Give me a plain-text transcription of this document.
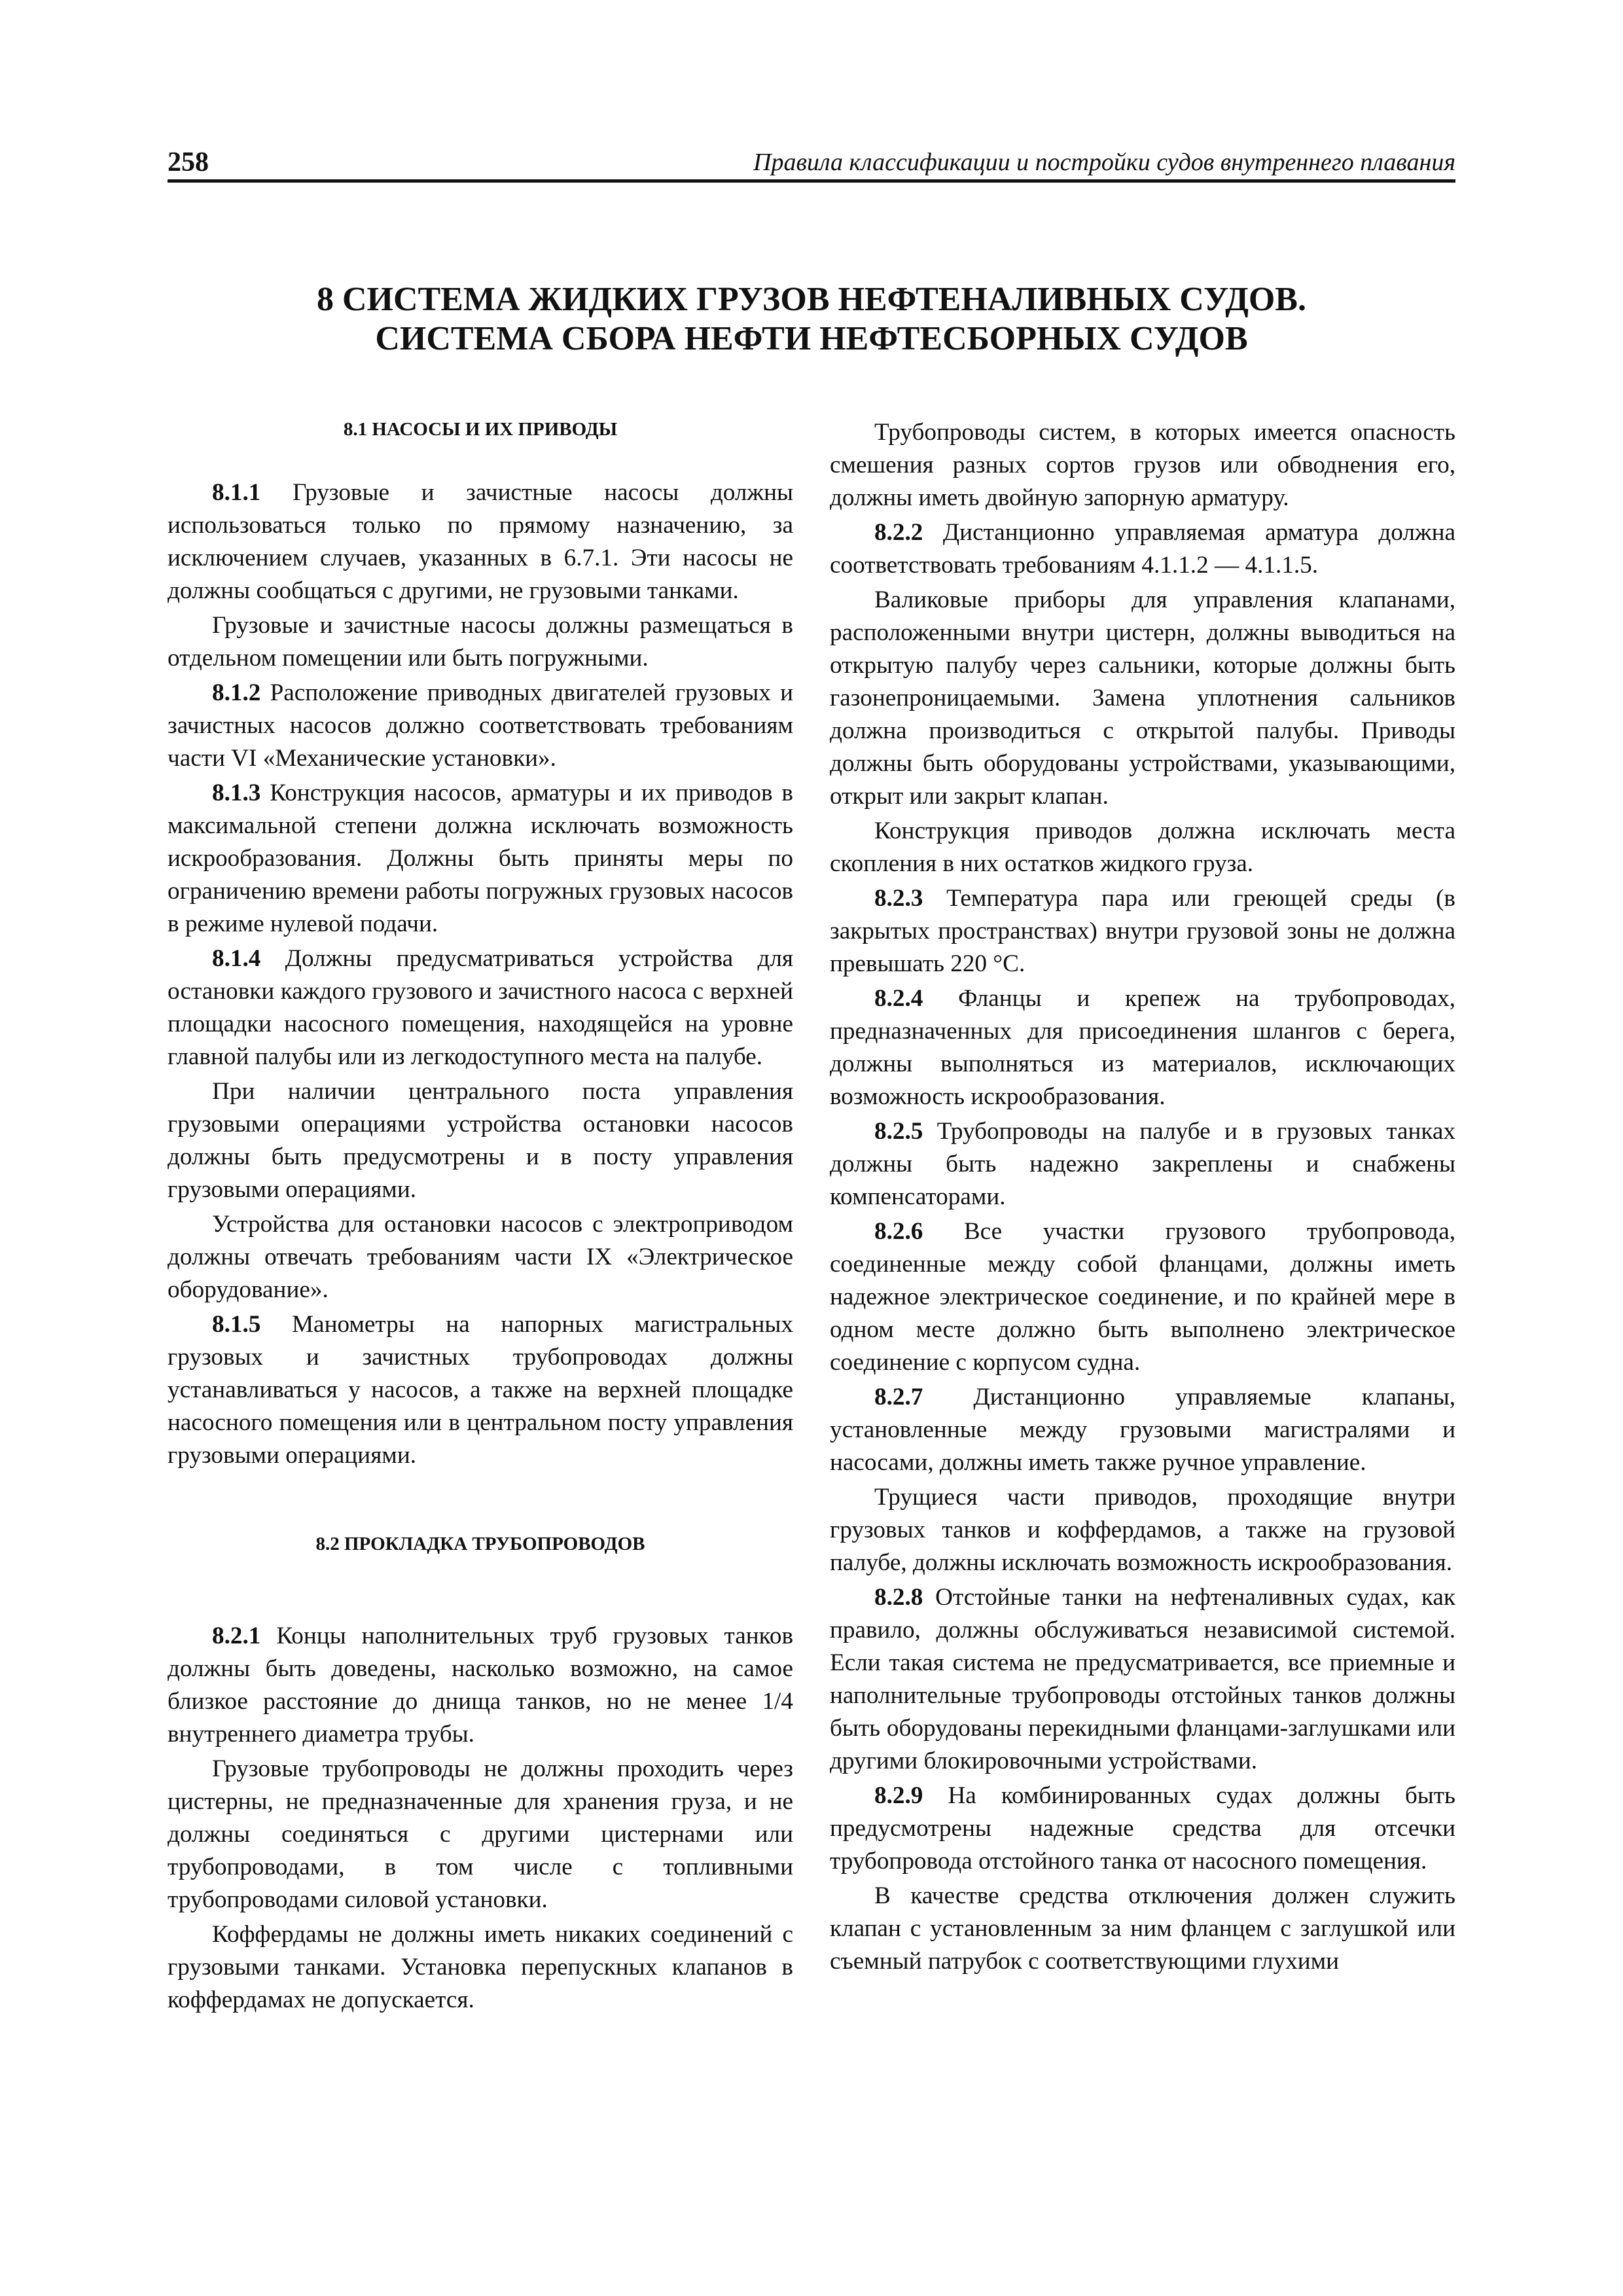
258	Правила классификации и постройки судов внутреннего плавания
8 СИСТЕМА ЖИДКИХ ГРУЗОВ НЕФТЕНАЛИВНЫХ СУДОВ.
СИСТЕМА СБОРА НЕФТИ НЕФТЕСБОРНЫХ СУДОВ
8.1 НАСОСЫ И ИХ ПРИВОДЫ

8.1.1 Грузовые и зачистные насосы должны использоваться только по прямому назначению, за исключением случаев, указанных в 6.7.1. Эти насосы не должны сообщаться с другими, не грузовыми танками.

Грузовые и зачистные насосы должны размещаться в отдельном помещении или быть погружными.

8.1.2 Расположение приводных двигателей грузовых и зачистных насосов должно соответствовать требованиям части VI «Механические установки».

8.1.3 Конструкция насосов, арматуры и их приводов в максимальной степени должна исключать возможность искрообразования. Должны быть приняты меры по ограничению времени работы погружных грузовых насосов в режиме нулевой подачи.

8.1.4 Должны предусматриваться устройства для остановки каждого грузового и зачистного насоса с верхней площадки насосного помещения, находящейся на уровне главной палубы или из легкодоступного места на палубе.

При наличии центрального поста управления грузовыми операциями устройства остановки насосов должны быть предусмотрены и в посту управления грузовыми операциями.

Устройства для остановки насосов с электроприводом должны отвечать требованиям части IX «Электрическое оборудование».

8.1.5 Манометры на напорных магистральных грузовых и зачистных трубопроводах должны устанавливаться у насосов, а также на верхней площадке насосного помещения или в центральном посту управления грузовыми операциями.

8.2 ПРОКЛАДКА ТРУБОПРОВОДОВ

8.2.1 Концы наполнительных труб грузовых танков должны быть доведены, насколько возможно, на самое близкое расстояние до днища танков, но не менее 1/4 внутреннего диаметра трубы.

Грузовые трубопроводы не должны проходить через цистерны, не предназначенные для хранения груза, и не должны соединяться с другими цистернами или трубопроводами, в том числе с топливными трубопроводами силовой установки.

Коффердамы не должны иметь никаких соединений с грузовыми танками. Установка перепускных клапанов в коффердамах не допускается.

Трубопроводы систем, в которых имеется опасность смешения разных сортов грузов или обводнения его, должны иметь двойную запорную арматуру.

8.2.2 Дистанционно управляемая арматура должна соответствовать требованиям 4.1.1.2 — 4.1.1.5.

Валиковые приборы для управления клапанами, расположенными внутри цистерн, должны выводиться на открытую палубу через сальники, которые должны быть газонепроницаемыми. Замена уплотнения сальников должна производиться с открытой палубы. Приводы должны быть оборудованы устройствами, указывающими, открыт или закрыт клапан.

Конструкция приводов должна исключать места скопления в них остатков жидкого груза.

8.2.3 Температура пара или греющей среды (в закрытых пространствах) внутри грузовой зоны не должна превышать 220 °С.

8.2.4 Фланцы и крепеж на трубопроводах, предназначенных для присоединения шлангов с берега, должны выполняться из материалов, исключающих возможность искрообразования.

8.2.5 Трубопроводы на палубе и в грузовых танках должны быть надежно закреплены и снабжены компенсаторами.

8.2.6 Все участки грузового трубопровода, соединенные между собой фланцами, должны иметь надежное электрическое соединение, и по крайней мере в одном месте должно быть выполнено электрическое соединение с корпусом судна.

8.2.7 Дистанционно управляемые клапаны, установленные между грузовыми магистралями и насосами, должны иметь также ручное управление.

Трущиеся части приводов, проходящие внутри грузовых танков и коффердамов, а также на грузовой палубе, должны исключать возможность искрообразования.

8.2.8 Отстойные танки на нефтеналивных судах, как правило, должны обслуживаться независимой системой. Если такая система не предусматривается, все приемные и наполнительные трубопроводы отстойных танков должны быть оборудованы перекидными фланцами-заглушками или другими блокировочными устройствами.

8.2.9 На комбинированных судах должны быть предусмотрены надежные средства для отсечки трубопровода отстойного танка от насосного помещения.

В качестве средства отключения должен служить клапан с установленным за ним фланцем с заглушкой или съемный патрубок с соответствующими глухими
